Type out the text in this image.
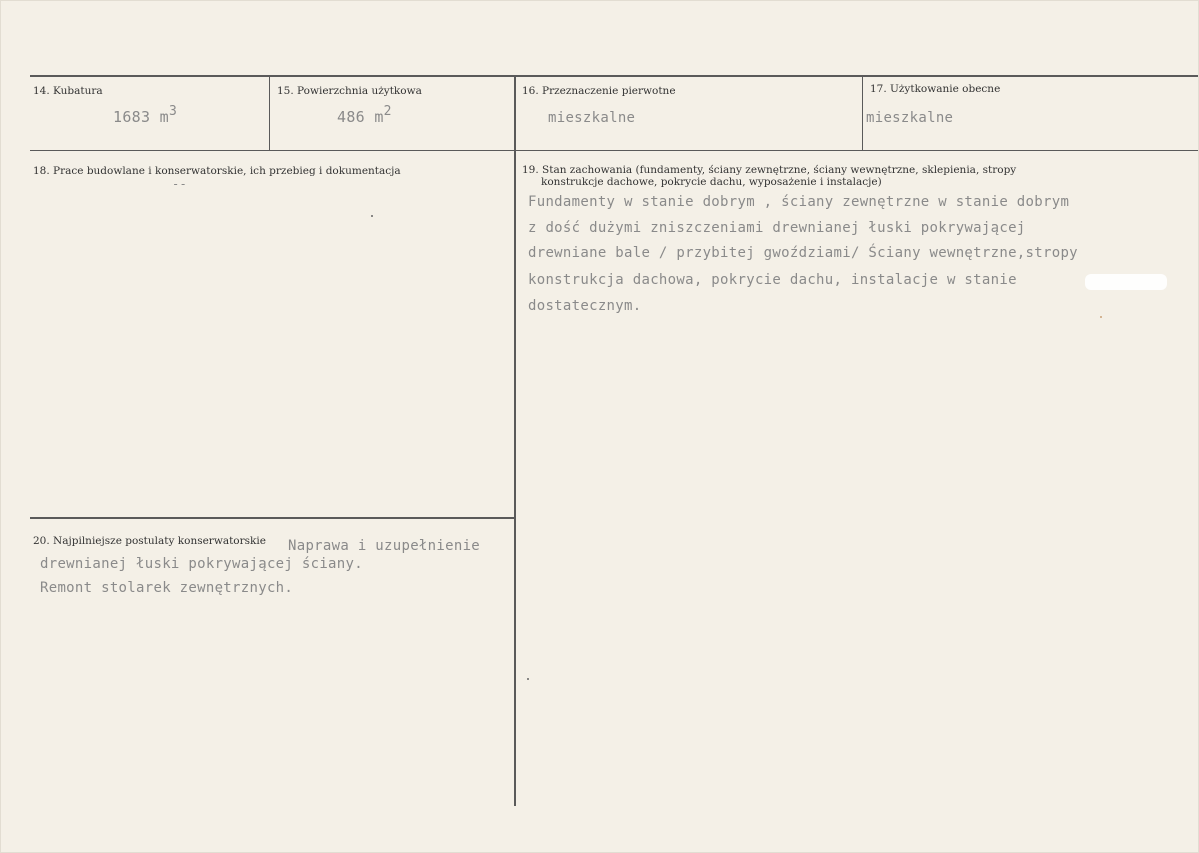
14. Kubatura
1683 m3
15. Powierzchnia użytkowa
486 m2
16. Przeznaczenie pierwotne
mieszkalne
17. Użytkowanie obecne
mieszkalne
18. Prace budowlane i konserwatorskie, ich przebieg i dokumentacja
--
19. Stan zachowania (fundamenty, ściany zewnętrzne, ściany wewnętrzne, sklepienia, stropy
konstrukcje dachowe, pokrycie dachu, wyposażenie i instalacje)
Fundamenty w stanie dobrym , ściany zewnętrzne w stanie dobrym
z dość dużymi zniszczeniami drewnianej łuski pokrywającej
drewniane bale / przybitej gwoździami/ Ściany wewnętrzne,stropy
konstrukcja dachowa, pokrycie dachu, instalacje w stanie
dostatecznym.
20. Najpilniejsze postulaty konserwatorskie Naprawa i uzupełnienie
drewnianej łuski pokrywającej ściany.
Remont stolarek zewnętrznych.
